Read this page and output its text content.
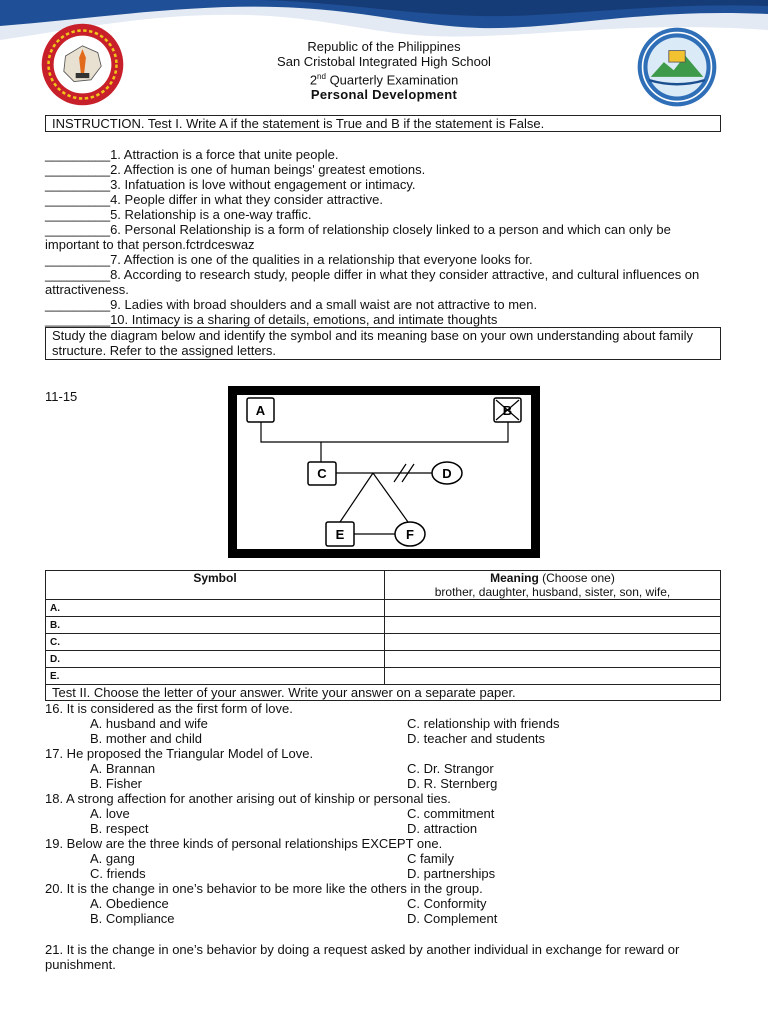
Republic of the Philippines
San Cristobal Integrated High School
2nd Quarterly Examination
Personal Development
INSTRUCTION. Test I. Write A if the statement is True and B if the statement is False.
_________1. Attraction is a force that unite people.
_________2. Affection is one of human beings' greatest emotions.
_________3. Infatuation is love without engagement or intimacy.
_________4. People differ in what they consider attractive.
_________5. Relationship is a one-way traffic.
_________6. Personal Relationship is a form of relationship closely linked to a person and which can only be important to that person.fctrdceswaz
_________7. Affection is one of the qualities in a relationship that everyone looks for.
_________8. According to research study, people differ in what they consider attractive, and cultural influences on attractiveness.
_________9. Ladies with broad shoulders and a small waist are not attractive to men.
_________10. Intimacy is a sharing of details, emotions, and intimate thoughts
Study the diagram below and identify the symbol and its meaning base on your own understanding about family structure. Refer to the assigned letters.
11-15
A	B
C	D
E	F
Symbol	Meaning (Choose one)
brother, daughter, husband, sister, son, wife,
A.	
B.	
C.	
D.	
E.	
Test II. Choose the letter of your answer. Write your answer on a separate paper.
16. It is considered as the first form of love.
A. husband and wife	C. relationship with friends
B. mother and child	D. teacher and students
17. He proposed the Triangular Model of Love.
A. Brannan	C. Dr. Strangor
B. Fisher	D. R. Sternberg
18. A strong affection for another arising out of kinship or personal ties.
A. love	C. commitment
B. respect	D. attraction
19. Below are the three kinds of personal relationships EXCEPT one.
A. gang	C family
C. friends	D. partnerships
20. It is the change in one’s behavior to be more like the others in the group.
A. Obedience	C. Conformity
B. Compliance	D. Complement
21. It is the change in one’s behavior by doing a request asked by another individual in exchange for reward or punishment.
